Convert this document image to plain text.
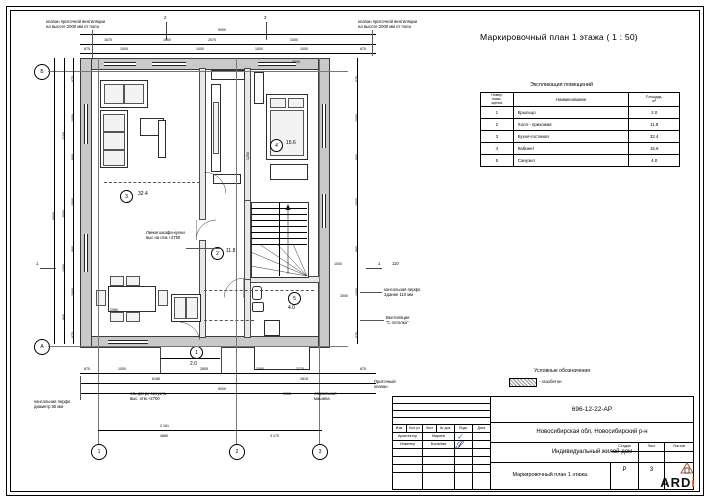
Маркировочный план 1 этажа ( 1 : 50)
Экспликация помещений
Номер
поме-
щения	Наименование	Площадь,
м²
1	Крыльцо	2.0
2	Холл - прихожая	11.8
3	Кухня-гостиная	32.4
4	Кабинет	15.6
5	Санузел	4.0
Условные обозначения
- газобетон
3	32.4
4	15.6
2	11.8
5
4.0
1
2.0
1	2	3
А
Б
2	3
1	1
9000
1675	1000	2570	3300
675	1000	1000	1500	1000	675
9000
2150
2550
1000
900
675
1000
900
1500
900
1000
675
675
1000
900
1500
900
1000
675
675	1000	2855	1000	2170	675
6185	2815
9000
2 161
4880	3 170
2980
2000
1250
1000
2000
2000
клапан приточной вентиляции
на высоте 2000 мм от пола
клапан приточной вентиляции
на высоте 2000 мм от пола
Линия шкафа-кухни
выс на отм.+2750
консольная перфо
Здание 110 мм
Вентиляция
"С потолка"
консольная перфо
диаметр 50 мм
Приточный
клапан
ось двери санузла
выс. отм.+2700
стиральная
машина
110
696-12-22-АР
Изм.	Кол.уч	Лист	№ док.	Подп.	Дата
Новосибирская обл, Новосибирский р-н
Архитектор	Мариев
Инженер	Богачёва
Индивидуальный жилой дом
Маркировочный план 1 этажа.
Стадия	Лист	Листов
Р	3
✓
𝓢
ARDi
